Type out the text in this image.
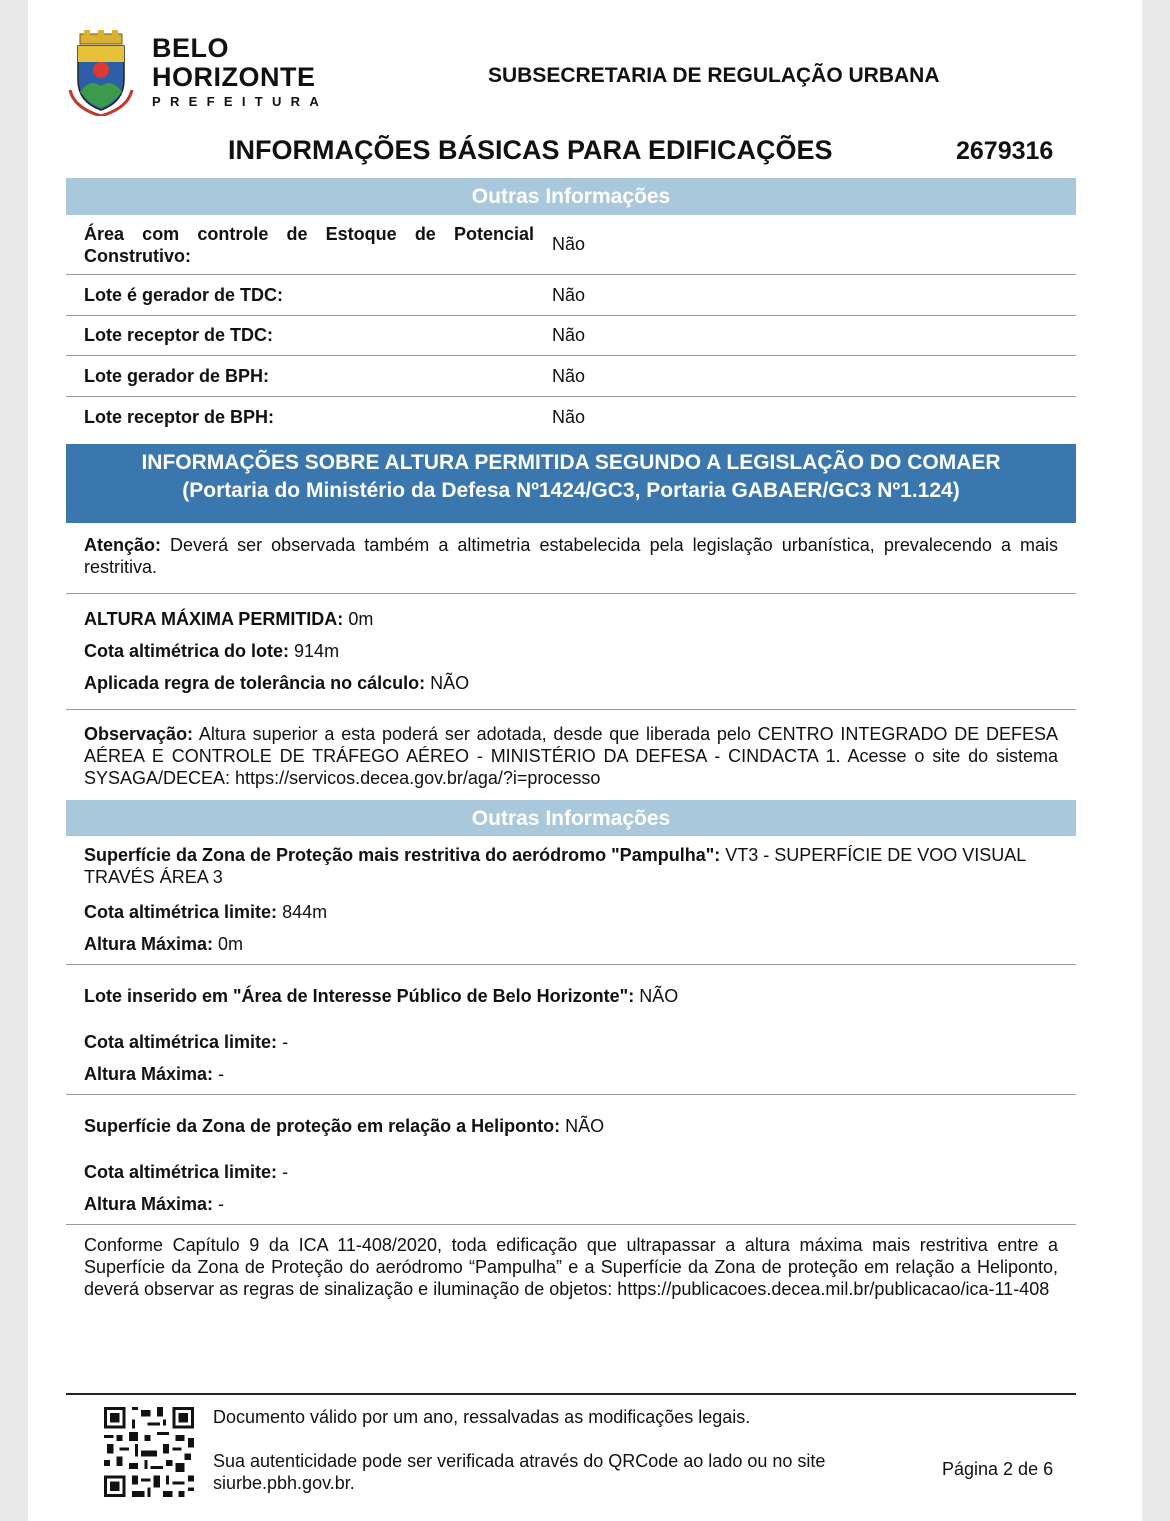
BELO
HORIZONTE
PREFEITURA
SUBSECRETARIA DE REGULAÇÃO URBANA
INFORMAÇÕES BÁSICAS PARA EDIFICAÇÕES	2679316
Outras Informações
Área com controle de Estoque de Potencial Construtivo:
Não
Lote é gerador de TDC:	Não
Lote receptor de TDC:	Não
Lote gerador de BPH:	Não
Lote receptor de BPH:	Não
INFORMAÇÕES SOBRE ALTURA PERMITIDA SEGUNDO A LEGISLAÇÃO DO COMAER
(Portaria do Ministério da Defesa Nº1424/GC3, Portaria GABAER/GC3 Nº1.124)
Atenção: Deverá ser observada também a altimetria estabelecida pela legislação urbanística, prevalecendo a mais restritiva.
ALTURA MÁXIMA PERMITIDA: 0m
Cota altimétrica do lote: 914m
Aplicada regra de tolerância no cálculo: NÃO
Observação: Altura superior a esta poderá ser adotada, desde que liberada pelo CENTRO INTEGRADO DE DEFESA AÉREA E CONTROLE DE TRÁFEGO AÉREO - MINISTÉRIO DA DEFESA - CINDACTA 1. Acesse o site do sistema SYSAGA/DECEA: https://servicos.decea.gov.br/aga/?i=processo
Outras Informações
Superfície da Zona de Proteção mais restritiva do aeródromo "Pampulha": VT3 - SUPERFÍCIE DE VOO VISUAL TRAVÉS ÁREA 3
Cota altimétrica limite: 844m
Altura Máxima: 0m
Lote inserido em "Área de Interesse Público de Belo Horizonte": NÃO
Cota altimétrica limite: -
Altura Máxima: -
Superfície da Zona de proteção em relação a Heliponto: NÃO
Cota altimétrica limite: -
Altura Máxima: -
Conforme Capítulo 9 da ICA 11-408/2020, toda edificação que ultrapassar a altura máxima mais restritiva entre a Superfície da Zona de Proteção do aeródromo “Pampulha” e a Superfície da Zona de proteção em relação a Heliponto, deverá observar as regras de sinalização e iluminação de objetos: https://publicacoes.decea.mil.br/publicacao/ica-11-408
Documento válido por um ano, ressalvadas as modificações legais.
Sua autenticidade pode ser verificada através do QRCode ao lado ou no site
siurbe.pbh.gov.br.
Página 2 de 6
